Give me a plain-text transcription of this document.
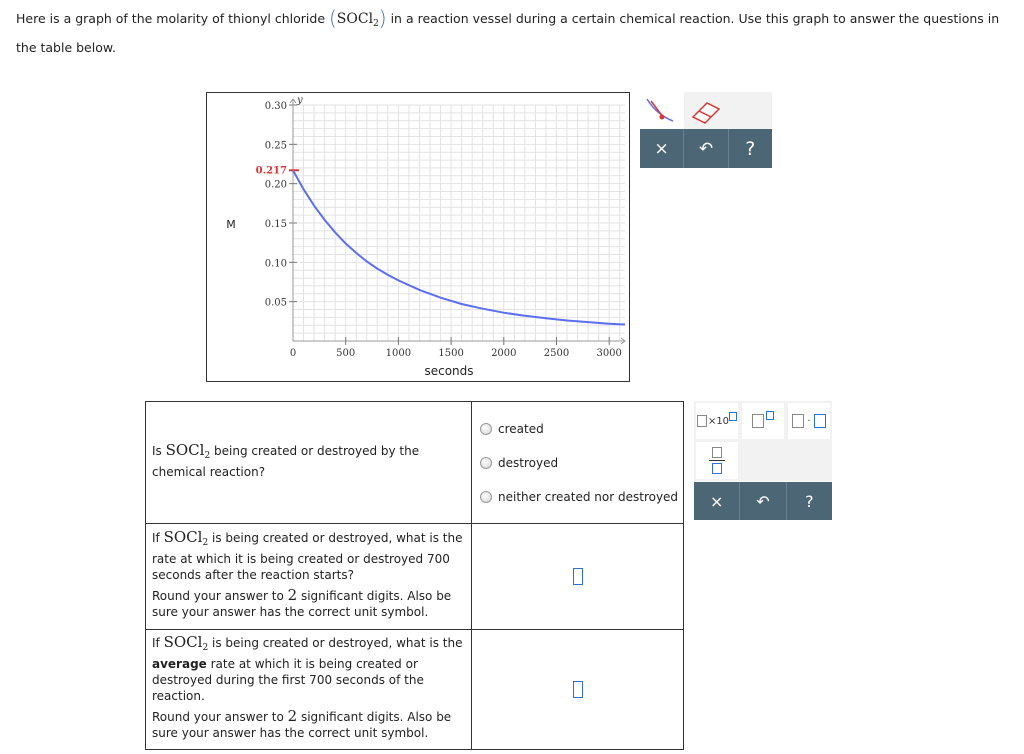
Here is a graph of the molarity of thionyl chloride (SOCl$_2$) in a reaction vessel during a certain chemical reaction. Use this graph to answer the questions in the table below.
y
0	500	1000	1500	2000	2500	3000
0.05
0.10
0.15
0.20
0.25
0.30
0.217
seconds
M
×	↶	?

Is SOCl$_2$ being created or destroyed by the chemical reaction?	created
destroyed
neither created nor destroyed

If SOCl$_2$ is being created or destroyed, what is the rate at which it is being created or destroyed 700 seconds after the reaction starts?

Round your answer to 2 significant digits. Also be sure your answer has the correct unit symbol.	

If SOCl$_2$ is being created or destroyed, what is the average rate at which it is being created or destroyed during the first 700 seconds of the reaction.

Round your answer to 2 significant digits. Also be sure your answer has the correct unit symbol.	

×10	·
×	↶	?
